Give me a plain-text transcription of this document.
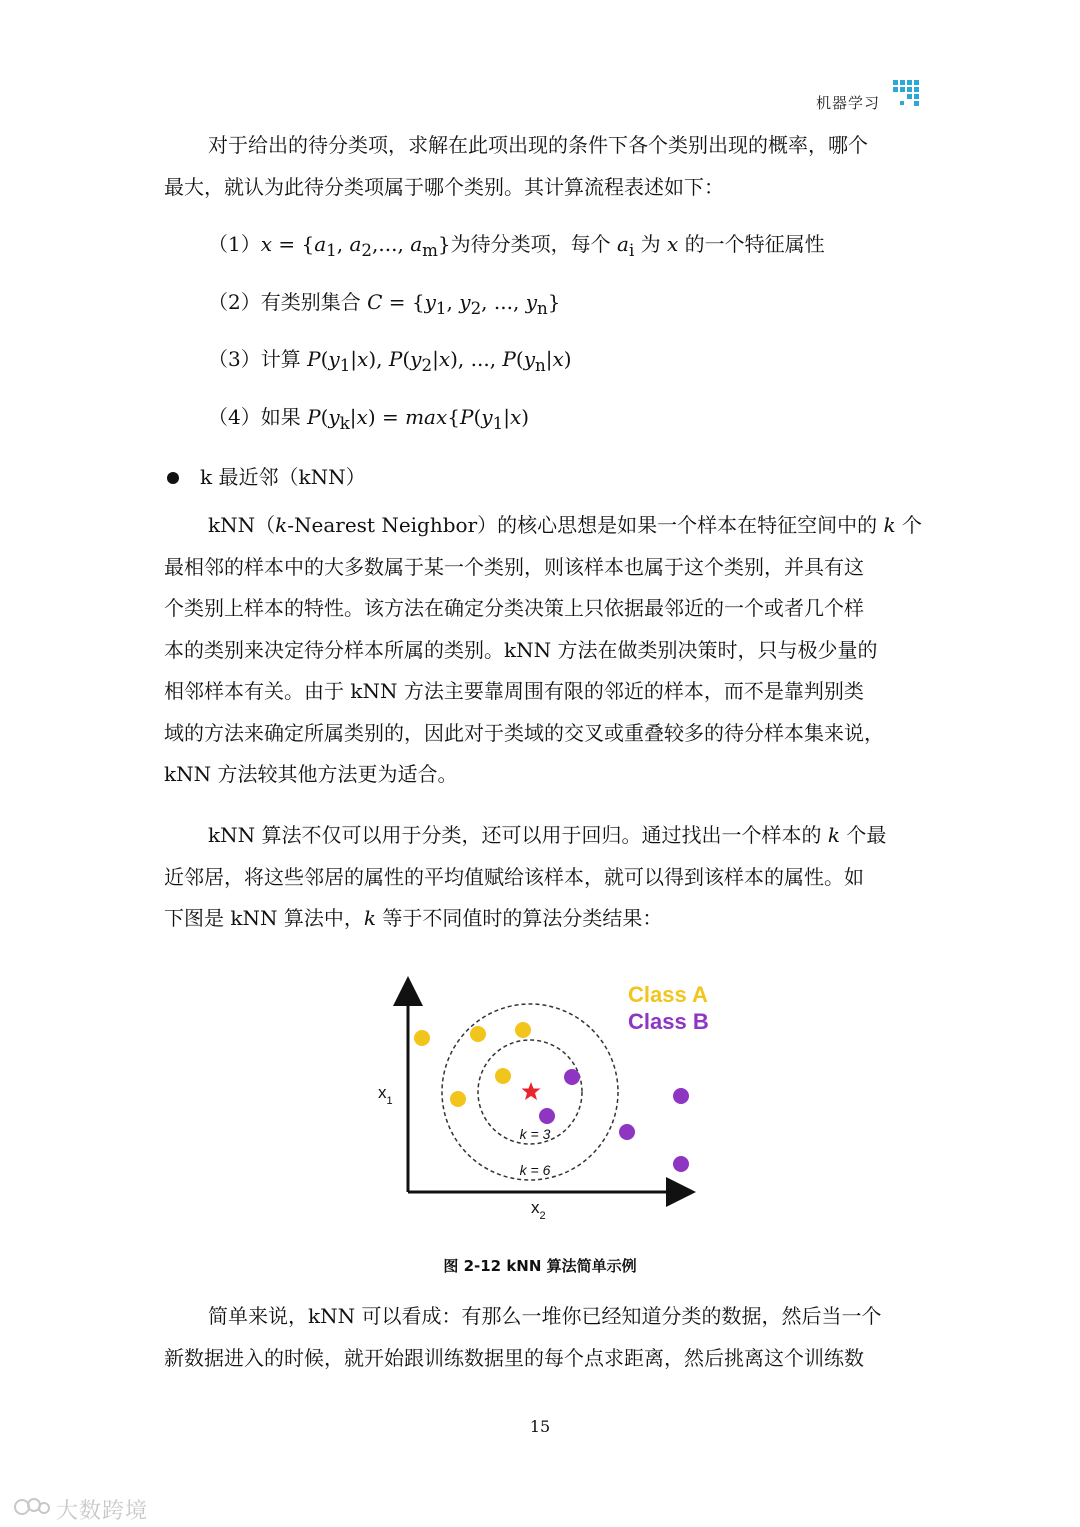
机器学习

对于给出的待分类项，求解在此项出现的条件下各个类别出现的概率，哪个
最大，就认为此待分类项属于哪个类别。其计算流程表述如下：

$(1)x = \{a_1$, $a_2$,..., $a_m$}为待分类项，每个 $a_i$ 为 x 的一个特征属性
（2）有类别集合 $C = \{y_1$, $y_2$, ..., $y_n$}
（3）计算 $P(y_1|x)$, $P(y_2|x)$, ..., $P(y_n|x)$
（4）如果 $P(y_k|x) = \max\{P(y_1|x)$
k 最近邻（kNN）

kNN（k-Nearest Neighbor）的核心思想是如果一个样本在特征空间中的 k 个
最相邻的样本中的大多数属于某一个类别，则该样本也属于这个类别，并具有这
个类别上样本的特性。该方法在确定分类决策上只依据最邻近的一个或者几个样
本的类别来决定待分样本所属的类别。kNN 方法在做类别决策时，只与极少量的
相邻样本有关。由于 kNN 方法主要靠周围有限的邻近的样本，而不是靠判别类
域的方法来确定所属类别的，因此对于类域的交叉或重叠较多的待分样本集来说，
kNN 方法较其他方法更为适合。

kNN 算法不仅可以用于分类，还可以用于回归。通过找出一个样本的 k 个最
近邻居，将这些邻居的属性的平均值赋给该样本，就可以得到该样本的属性。如
下图是 kNN 算法中，k 等于不同值时的算法分类结果：

k = 3
k = 6
Class A
Class B
$x_1$
$x_2$
图 2-12 kNN 算法简单示例

简单来说，kNN 可以看成：有那么一堆你已经知道分类的数据，然后当一个
新数据进入的时候，就开始跟训练数据里的每个点求距离，然后挑离这个训练数

15
大数跨境
